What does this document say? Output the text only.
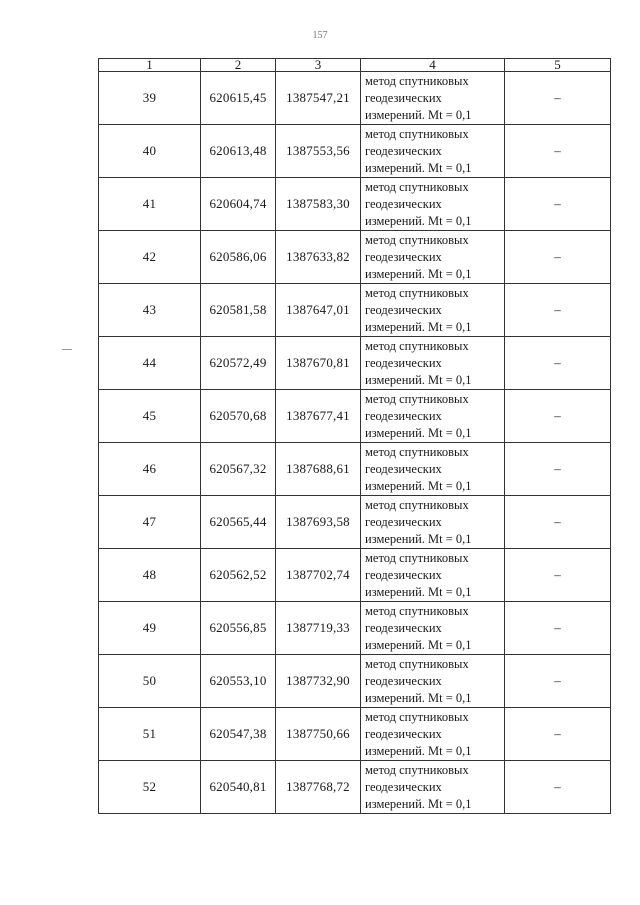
157
1	2	3	4	5
39	620615,45	1387547,21	метод спутниковых
геодезических
измерений. Mt = 0,1	–
40	620613,48	1387553,56	метод спутниковых
геодезических
измерений. Mt = 0,1	–
41	620604,74	1387583,30	метод спутниковых
геодезических
измерений. Mt = 0,1	–
42	620586,06	1387633,82	метод спутниковых
геодезических
измерений. Mt = 0,1	–
43	620581,58	1387647,01	метод спутниковых
геодезических
измерений. Mt = 0,1	–
44	620572,49	1387670,81	метод спутниковых
геодезических
измерений. Mt = 0,1	–
45	620570,68	1387677,41	метод спутниковых
геодезических
измерений. Mt = 0,1	–
46	620567,32	1387688,61	метод спутниковых
геодезических
измерений. Mt = 0,1	–
47	620565,44	1387693,58	метод спутниковых
геодезических
измерений. Mt = 0,1	–
48	620562,52	1387702,74	метод спутниковых
геодезических
измерений. Mt = 0,1	–
49	620556,85	1387719,33	метод спутниковых
геодезических
измерений. Mt = 0,1	–
50	620553,10	1387732,90	метод спутниковых
геодезических
измерений. Mt = 0,1	–
51	620547,38	1387750,66	метод спутниковых
геодезических
измерений. Mt = 0,1	–
52	620540,81	1387768,72	метод спутниковых
геодезических
измерений. Mt = 0,1	–
